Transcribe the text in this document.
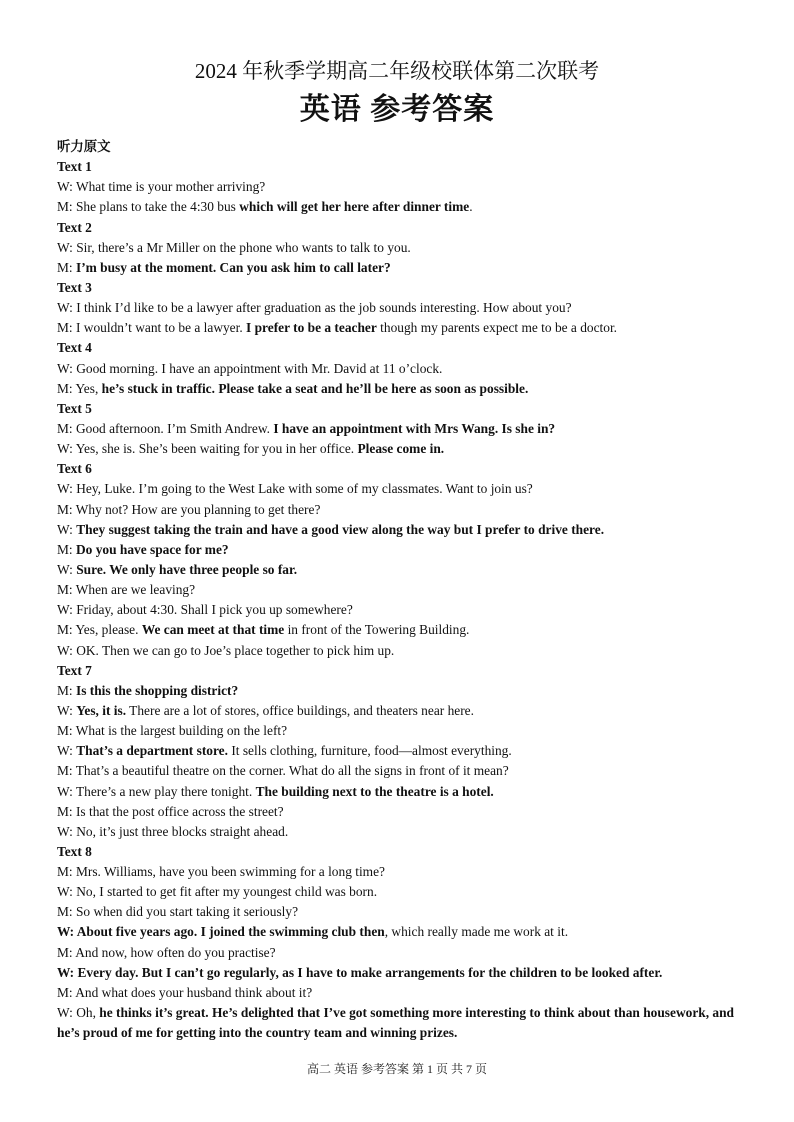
2024 年秋季学期高二年级校联体第二次联考
英语 参考答案
听力原文
Text 1
W: What time is your mother arriving?
M: She plans to take the 4:30 bus which will get her here after dinner time.
Text 2
W: Sir, there’s a Mr Miller on the phone who wants to talk to you.
M: I’m busy at the moment. Can you ask him to call later?
Text 3
W: I think I’d like to be a lawyer after graduation as the job sounds interesting. How about you?
M: I wouldn’t want to be a lawyer. I prefer to be a teacher though my parents expect me to be a doctor.
Text 4
W: Good morning. I have an appointment with Mr. David at 11 o’clock.
M: Yes, he’s stuck in traffic. Please take a seat and he’ll be here as soon as possible.
Text 5
M: Good afternoon. I’m Smith Andrew. I have an appointment with Mrs Wang. Is she in?
W: Yes, she is. She’s been waiting for you in her office. Please come in.
Text 6
W: Hey, Luke. I’m going to the West Lake with some of my classmates. Want to join us?
M: Why not? How are you planning to get there?
W: They suggest taking the train and have a good view along the way but I prefer to drive there.
M: Do you have space for me?
W: Sure. We only have three people so far.
M: When are we leaving?
W: Friday, about 4:30. Shall I pick you up somewhere?
M: Yes, please. We can meet at that time in front of the Towering Building.
W: OK. Then we can go to Joe’s place together to pick him up.
Text 7
M: Is this the shopping district?
W: Yes, it is. There are a lot of stores, office buildings, and theaters near here.
M: What is the largest building on the left?
W: That’s a department store. It sells clothing, furniture, food—almost everything.
M: That’s a beautiful theatre on the corner. What do all the signs in front of it mean?
W: There’s a new play there tonight. The building next to the theatre is a hotel.
M: Is that the post office across the street?
W: No, it’s just three blocks straight ahead.
Text 8
M: Mrs. Williams, have you been swimming for a long time?
W: No, I started to get fit after my youngest child was born.
M: So when did you start taking it seriously?
W: About five years ago. I joined the swimming club then, which really made me work at it.
M: And now, how often do you practise?
W: Every day. But I can’t go regularly, as I have to make arrangements for the children to be looked after.
M: And what does your husband think about it?
W: Oh, he thinks it’s great. He’s delighted that I’ve got something more interesting to think about than housework, and he’s proud of me for getting into the country team and winning prizes.
高二 英语 参考答案 第 1 页 共 7 页
